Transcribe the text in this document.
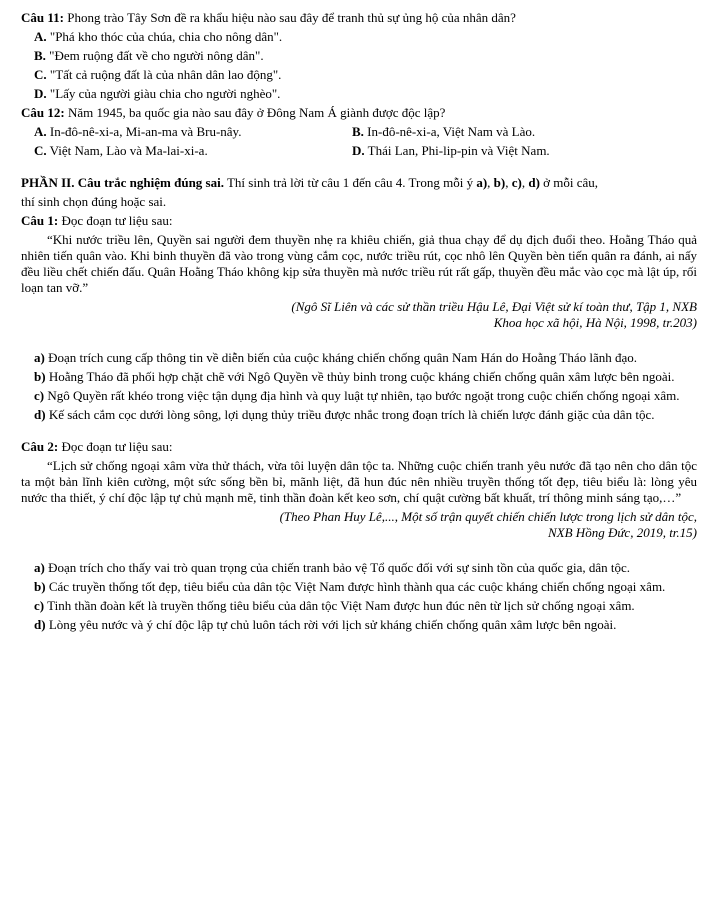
Câu 11: Phong trào Tây Sơn đề ra khẩu hiệu nào sau đây để tranh thủ sự ủng hộ của nhân dân?
A. "Phá kho thóc của chúa, chia cho nông dân".
B. "Đem ruộng đất về cho người nông dân".
C. "Tất cả ruộng đất là của nhân dân lao động".
D. "Lấy của người giàu chia cho người nghèo".
Câu 12: Năm 1945, ba quốc gia nào sau đây ở Đông Nam Á giành được độc lập?
A. In-đô-nê-xi-a, Mi-an-ma và Bru-nây.	B. In-đô-nê-xi-a, Việt Nam và Lào.
C. Việt Nam, Lào và Ma-lai-xi-a.	D. Thái Lan, Phi-lip-pin và Việt Nam.
PHẦN II. Câu trắc nghiệm đúng sai. Thí sinh trả lời từ câu 1 đến câu 4. Trong mỗi ý a), b), c), d) ở mỗi câu,
thí sinh chọn đúng hoặc sai.
Câu 1: Đọc đoạn tư liệu sau:
“Khi nước triều lên, Quyền sai người đem thuyền nhẹ ra khiêu chiến, giả thua chạy để dụ địch đuổi theo. Hoằng Tháo quả nhiên tiến quân vào. Khi binh thuyền đã vào trong vùng cắm cọc, nước triều rút, cọc nhô lên Quyền bèn tiến quân ra đánh, ai nấy đều liều chết chiến đấu. Quân Hoằng Tháo không kịp sửa thuyền mà nước triều rút rất gấp, thuyền đều mắc vào cọc mà lật úp, rối loạn tan vỡ.”
(Ngô Sĩ Liên và các sử thần triều Hậu Lê, Đại Việt sử kí toàn thư, Tập 1, NXB
Khoa học xã hội, Hà Nội, 1998, tr.203)
a) Đoạn trích cung cấp thông tin về diễn biến của cuộc kháng chiến chống quân Nam Hán do Hoằng Tháo lãnh đạo.
b) Hoằng Tháo đã phối hợp chặt chẽ với Ngô Quyền về thủy binh trong cuộc kháng chiến chống quân xâm lược bên ngoài.
c) Ngô Quyền rất khéo trong việc tận dụng địa hình và quy luật tự nhiên, tạo bước ngoặt trong cuộc chiến chống ngoại xâm.
d) Kế sách cắm cọc dưới lòng sông, lợi dụng thủy triều được nhắc trong đoạn trích là chiến lược đánh giặc của dân tộc.
Câu 2: Đọc đoạn tư liệu sau:
“Lịch sử chống ngoại xâm vừa thử thách, vừa tôi luyện dân tộc ta. Những cuộc chiến tranh yêu nước đã tạo nên cho dân tộc ta một bản lĩnh kiên cường, một sức sống bền bỉ, mãnh liệt, đã hun đúc nên nhiều truyền thống tốt đẹp, tiêu biểu là: lòng yêu nước tha thiết, ý chí độc lập tự chủ mạnh mẽ, tinh thần đoàn kết keo sơn, chí quật cường bất khuất, trí thông minh sáng tạo,…”
(Theo Phan Huy Lê,..., Một số trận quyết chiến chiến lược trong lịch sử dân tộc,
NXB Hồng Đức, 2019, tr.15)
a) Đoạn trích cho thấy vai trò quan trọng của chiến tranh bảo vệ Tổ quốc đối với sự sinh tồn của quốc gia, dân tộc.
b) Các truyền thống tốt đẹp, tiêu biểu của dân tộc Việt Nam được hình thành qua các cuộc kháng chiến chống ngoại xâm.
c) Tinh thần đoàn kết là truyền thống tiêu biểu của dân tộc Việt Nam được hun đúc nên từ lịch sử chống ngoại xâm.
d) Lòng yêu nước và ý chí độc lập tự chủ luôn tách rời với lịch sử kháng chiến chống quân xâm lược bên ngoài.
